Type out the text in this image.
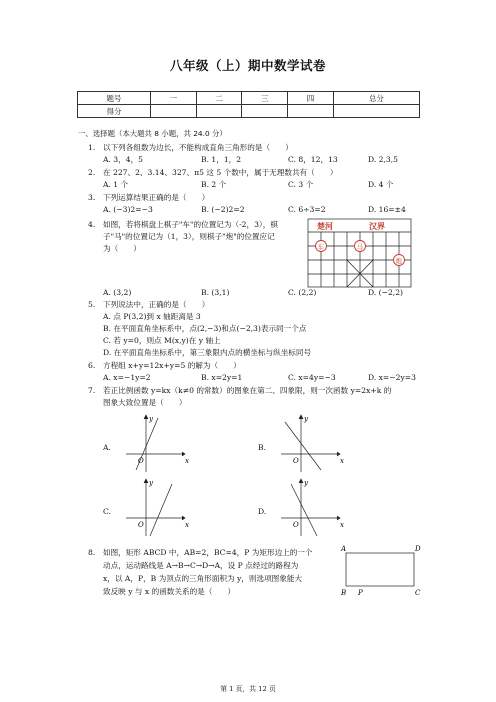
八年级（上）期中数学试卷
题号	一	二	三	四	总分
得分					
一、选择题（本大题共 8 小题，共 24.0 分）
1. 以下列各组数为边长，不能构成直角三角形的是（　　）
A. 3，4，5	B. 1，1，2	C. 8，12，13	D. 2,3,5
2. 在 227、2、3.14、327、π5 这 5 个数中，属于无理数共有（　　）
A. 1 个	B. 2 个	C. 3 个	D. 4 个
3. 下列运算结果正确的是（　　）
A. (−3)2=−3	B. (−2)2=2	C. 6÷3=2	D. 16=±4
4. 如图，若将棋盘上棋子"车"的位置记为（-2，3），棋
子"马"的位置记为（1，3），则棋子"炮"的位置应记
为（　　）
楚河	汉界
车	马
炮
A. (3,2)	B. (3,1)	C. (2,2)	D. (−2,2)
5. 下列说法中，正确的是（　　）
A. 点 P(3,2)到 x 轴距离是 3
B. 在平面直角坐标系中，点(2,−3)和点(−2,3)表示同一个点
C. 若 y=0，则点 M(x,y)在 y 轴上
D. 在平面直角坐标系中，第三象限内点的横坐标与纵坐标同号
6. 方程组 x+y=12x+y=5 的解为（　　）
A. x=−1y=2	B. x=2y=1	C. x=4y=−3	D. x=−2y=3
7. 若正比例函数 y=kx（k≠0 的常数）的图象在第二、四象限，则一次函数 y=2x+k 的
图象大致位置是（　　）
A.
y
x
O
B.
y
x
O
C.
y
x
O
D.
y
x
O
8. 如图，矩形 ABCD 中，AB=2，BC=4，P 为矩形边上的一个
动点，运动路线是 A→B→C→D→A，设 P 点经过的路程为
x，以 A，P，B 为顶点的三角形面积为 y，则选项图象能大
致反映 y 与 x 的函数关系的是（　　）
A	D
B	C
P
第 1 页，共 12 页
